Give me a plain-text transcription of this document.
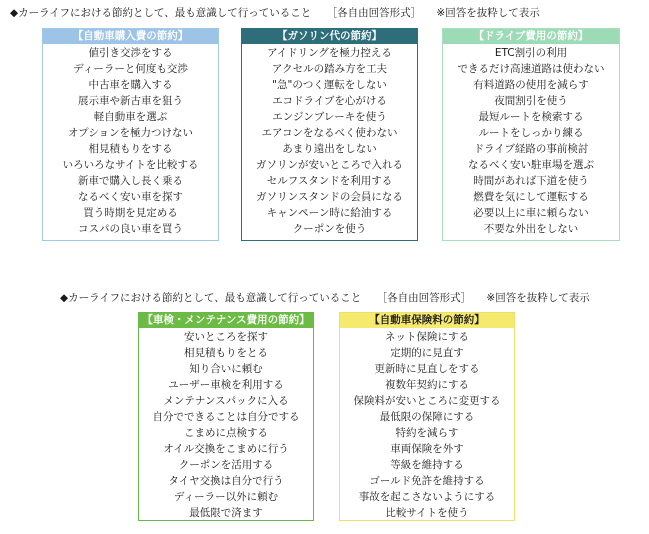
◆カーライフにおける節約として、最も意識して行っていること ［各自由回答形式］ ※回答を抜粋して表示
【自動車購入費の節約】
値引き交渉をする
ディーラーと何度も交渉
中古車を購入する
展示車や新古車を狙う
軽自動車を選ぶ
オプションを極力つけない
相見積もりをする
いろいろなサイトを比較する
新車で購入し長く乗る
なるべく安い車を探す
買う時期を見定める
コスパの良い車を買う
【ガソリン代の節約】
アイドリングを極力控える
アクセルの踏み方を工夫
"急"のつく運転をしない
エコドライブを心がける
エンジンブレーキを使う
エアコンをなるべく使わない
あまり遠出をしない
ガソリンが安いところで入れる
セルフスタンドを利用する
ガソリンスタンドの会員になる
キャンペーン時に給油する
クーポンを使う
【ドライブ費用の節約】
ETC割引の利用
できるだけ高速道路は使わない
有料道路の使用を減らす
夜間割引を使う
最短ルートを検索する
ルートをしっかり練る
ドライブ経路の事前検討
なるべく安い駐車場を選ぶ
時間があれば下道を使う
燃費を気にして運転する
必要以上に車に頼らない
不要な外出をしない
◆カーライフにおける節約として、最も意識して行っていること ［各自由回答形式］ ※回答を抜粋して表示
【車検・メンテナンス費用の節約】
安いところを探す
相見積もりをとる
知り合いに頼む
ユーザー車検を利用する
メンテナンスパックに入る
自分でできることは自分でする
こまめに点検する
オイル交換をこまめに行う
クーポンを活用する
タイヤ交換は自分で行う
ディーラー以外に頼む
最低限で済ます
【自動車保険料の節約】
ネット保険にする
定期的に見直す
更新時に見直しをする
複数年契約にする
保険料が安いところに変更する
最低限の保障にする
特約を減らす
車両保険を外す
等級を維持する
ゴールド免許を維持する
事故を起こさないようにする
比較サイトを使う
